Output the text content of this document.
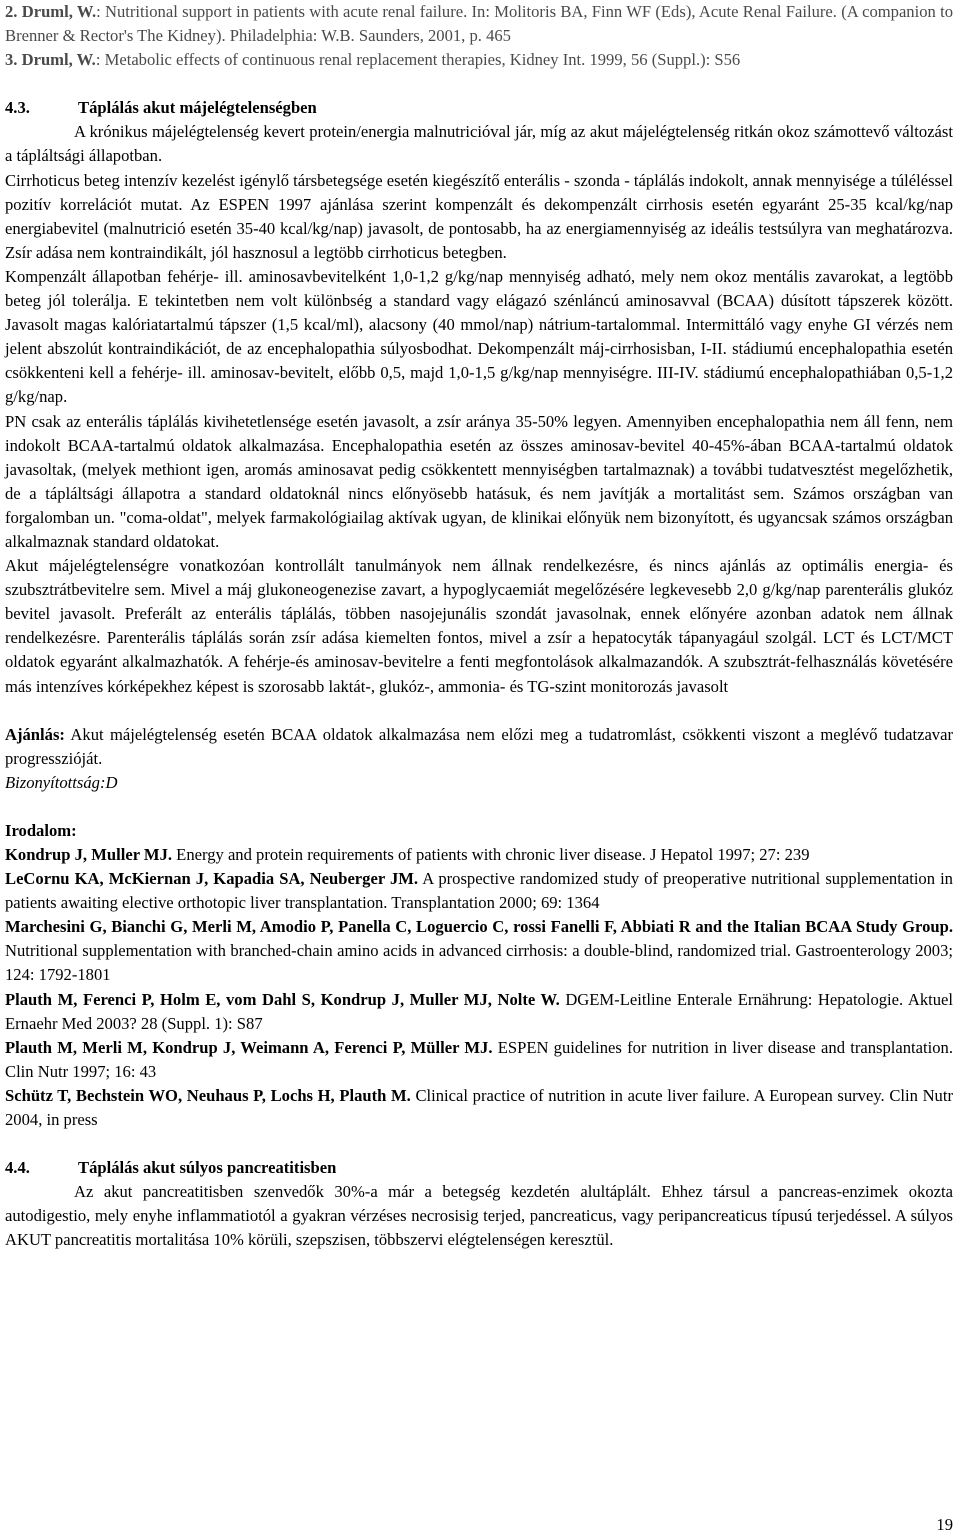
2. Druml, W.: Nutritional support in patients with acute renal failure. In: Molitoris BA, Finn WF (Eds), Acute Renal Failure. (A companion to Brenner & Rector's The Kidney). Philadelphia: W.B. Saunders, 2001, p. 465

3. Druml, W.: Metabolic effects of continuous renal replacement therapies, Kidney Int. 1999, 56 (Suppl.): S56

4.3.	Táplálás akut májelégtelenségben

A krónikus májelégtelenség kevert protein/energia malnutricióval jár, míg az akut májelégtelenség ritkán okoz számottevő változást a tápláltsági állapotban.

Cirrhoticus beteg intenzív kezelést igénylő társbetegsége esetén kiegészítő enterális - szonda - táplálás indokolt, annak mennyisége a túléléssel pozitív korrelációt mutat. Az ESPEN 1997 ajánlása szerint kompenzált és dekompenzált cirrhosis esetén egyaránt 25-35 kcal/kg/nap energiabevitel (malnutrició esetén 35-40 kcal/kg/nap) javasolt, de pontosabb, ha az energiamennyiség az ideális testsúlyra van meghatározva. Zsír adása nem kontraindikált, jól hasznosul a legtöbb cirrhoticus betegben.

Kompenzált állapotban fehérje- ill. aminosavbevitelként 1,0-1,2 g/kg/nap mennyiség adható, mely nem okoz mentális zavarokat, a legtöbb beteg jól tolerálja. E tekintetben nem volt különbség a standard vagy elágazó szénláncú aminosavval (BCAA) dúsított tápszerek között. Javasolt magas kalóriatartalmú tápszer (1,5 kcal/ml), alacsony (40 mmol/nap) nátrium-tartalommal. Intermittáló vagy enyhe GI vérzés nem jelent abszolút kontraindikációt, de az encephalopathia súlyosbodhat. Dekompenzált máj-cirrhosisban, I-II. stádiumú encephalopathia esetén csökkenteni kell a fehérje- ill. aminosav-bevitelt, előbb 0,5, majd 1,0-1,5 g/kg/nap mennyiségre. III-IV. stádiumú encephalopathiában 0,5-1,2 g/kg/nap.

PN csak az enterális táplálás kivihetetlensége esetén javasolt, a zsír aránya 35-50% legyen. Amennyiben encephalopathia nem áll fenn, nem indokolt BCAA-tartalmú oldatok alkalmazása. Encephalopathia esetén az összes aminosav-bevitel 40-45%-ában BCAA-tartalmú oldatok javasoltak, (melyek methiont igen, aromás aminosavat pedig csökkentett mennyiségben tartalmaznak) a további tudatvesztést megelőzhetik, de a tápláltsági állapotra a standard oldatoknál nincs előnyösebb hatásuk, és nem javítják a mortalitást sem. Számos országban van forgalomban un. "coma-oldat", melyek farmakológiailag aktívak ugyan, de klinikai előnyük nem bizonyított, és ugyancsak számos országban alkalmaznak standard oldatokat.

Akut májelégtelenségre vonatkozóan kontrollált tanulmányok nem állnak rendelkezésre, és nincs ajánlás az optimális energia- és szubsztrátbevitelre sem. Mivel a máj glukoneogenezise zavart, a hypoglycaemiát megelőzésére legkevesebb 2,0 g/kg/nap parenterális glukóz bevitel javasolt. Preferált az enterális táplálás, többen nasojejunális szondát javasolnak, ennek előnyére azonban adatok nem állnak rendelkezésre. Parenterális táplálás során zsír adása kiemelten fontos, mivel a zsír a hepatocyták tápanyagául szolgál. LCT és LCT/MCT oldatok egyaránt alkalmazhatók. A fehérje-és aminosav-bevitelre a fenti megfontolások alkalmazandók. A szubsztrát-felhasználás követésére más intenzíves kórképekhez képest is szorosabb laktát-, glukóz-, ammonia- és TG-szint monitorozás javasolt

Ajánlás: Akut májelégtelenség esetén BCAA oldatok alkalmazása nem előzi meg a tudatromlást, csökkenti viszont a meglévő tudatzavar progresszióját.

Bizonyítottság:D

Irodalom:

Kondrup J, Muller MJ. Energy and protein requirements of patients with chronic liver disease. J Hepatol 1997; 27: 239

LeCornu KA, McKiernan J, Kapadia SA, Neuberger JM. A prospective randomized study of preoperative nutritional supplementation in patients awaiting elective orthotopic liver transplantation. Transplantation 2000; 69: 1364

Marchesini G, Bianchi G, Merli M, Amodio P, Panella C, Loguercio C, rossi Fanelli F, Abbiati R and the Italian BCAA Study Group. Nutritional supplementation with branched-chain amino acids in advanced cirrhosis: a double-blind, randomized trial. Gastroenterology 2003; 124: 1792-1801

Plauth M, Ferenci P, Holm E, vom Dahl S, Kondrup J, Muller MJ, Nolte W. DGEM-Leitline Enterale Ernährung: Hepatologie. Aktuel Ernaehr Med 2003? 28 (Suppl. 1): S87

Plauth M, Merli M, Kondrup J, Weimann A, Ferenci P, Müller MJ. ESPEN guidelines for nutrition in liver disease and transplantation. Clin Nutr 1997; 16: 43

Schütz T, Bechstein WO, Neuhaus P, Lochs H, Plauth M. Clinical practice of nutrition in acute liver failure. A European survey. Clin Nutr 2004, in press

4.4.	Táplálás akut súlyos pancreatitisben

Az akut pancreatitisben szenvedők 30%-a már a betegség kezdetén alultáplált. Ehhez társul a pancreas-enzimek okozta autodigestio, mely enyhe inflammatiotól a gyakran vérzéses necrosisig terjed, pancreaticus, vagy peripancreaticus típusú terjedéssel. A súlyos AKUT pancreatitis mortalitása 10% körüli, szepszisen, többszervi elégtelenségen keresztül.

19
